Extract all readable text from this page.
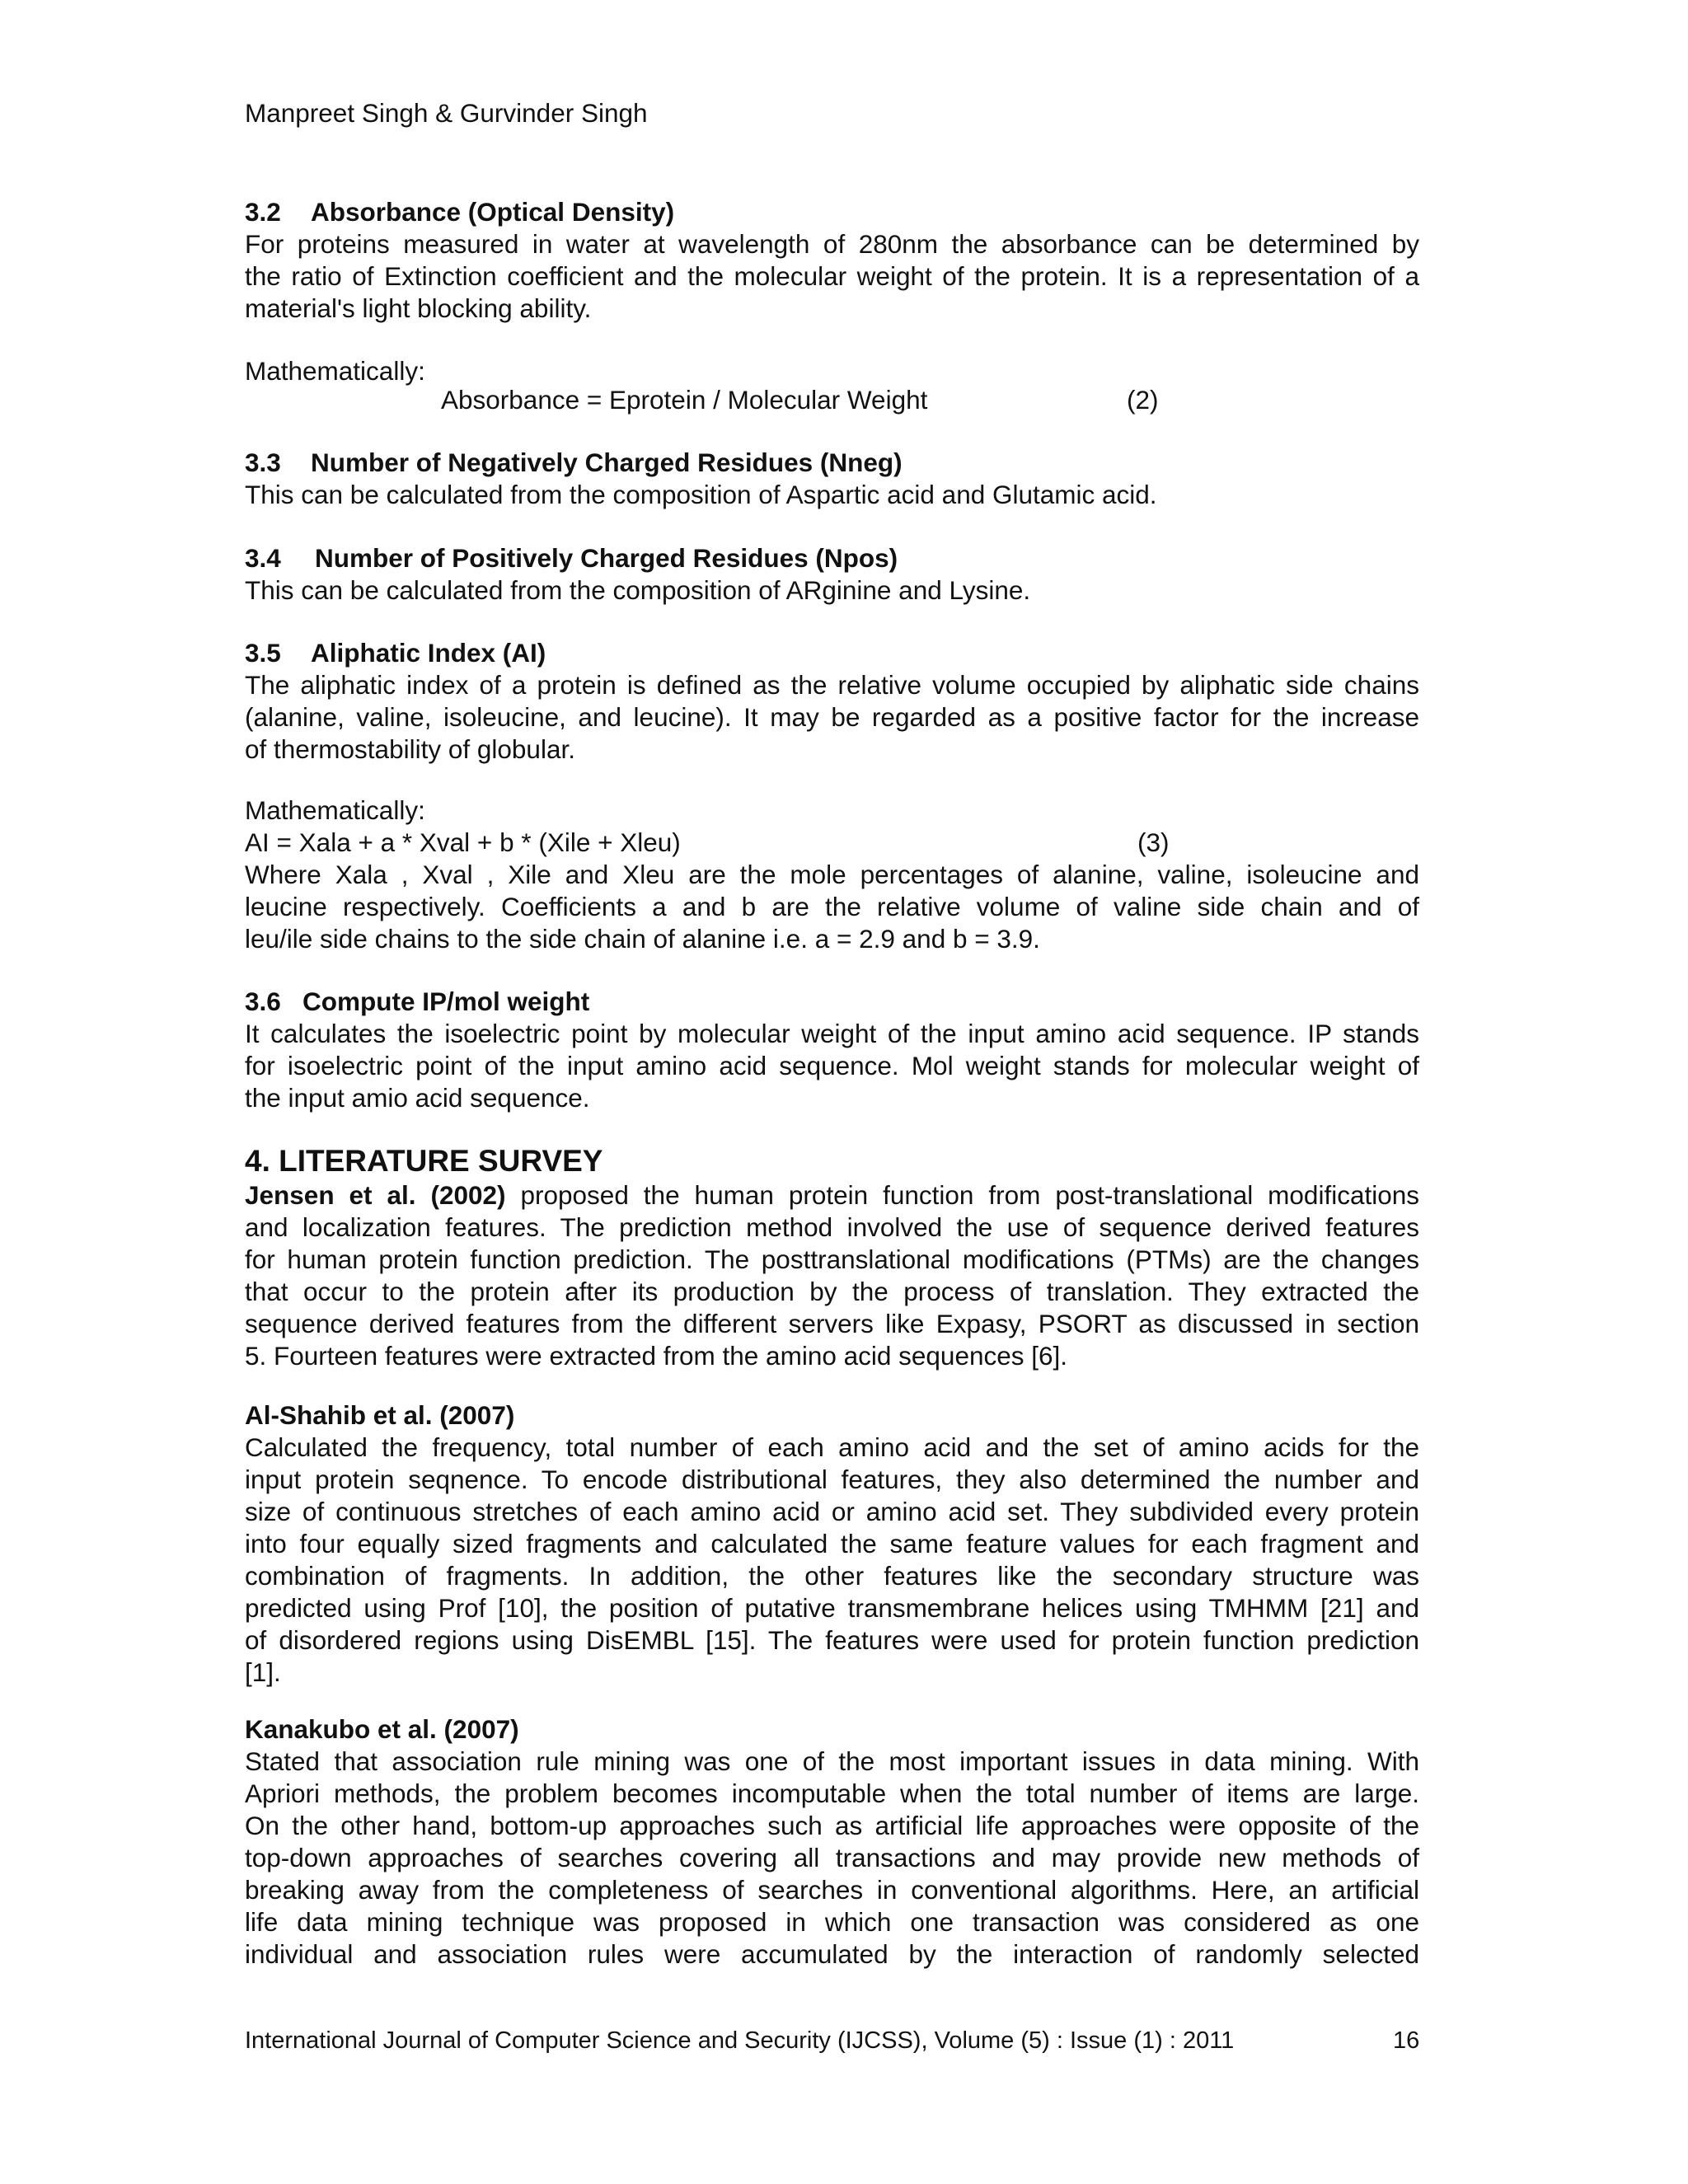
Manpreet Singh & Gurvinder Singh
3.2 Absorbance (Optical Density)
For proteins measured in water at wavelength of 280nm the absorbance can be determined by
the ratio of Extinction coefficient and the molecular weight of the protein. It is a representation of a
material's light blocking ability.
Mathematically:
Absorbance = Eprotein / Molecular Weight	(2)
3.3 Number of Negatively Charged Residues (Nneg)
This can be calculated from the composition of Aspartic acid and Glutamic acid.
3.4 Number of Positively Charged Residues (Npos)
This can be calculated from the composition of ARginine and Lysine.
3.5 Aliphatic Index (AI)
The aliphatic index of a protein is defined as the relative volume occupied by aliphatic side chains
(alanine, valine, isoleucine, and leucine). It may be regarded as a positive factor for the increase
of thermostability of globular.
Mathematically:
AI = Xala + a * Xval + b * (Xile + Xleu)	(3)
Where Xala , Xval , Xile and Xleu are the mole percentages of alanine, valine, isoleucine and
leucine respectively. Coefficients a and b are the relative volume of valine side chain and of
leu/ile side chains to the side chain of alanine i.e. a = 2.9 and b = 3.9.
3.6 Compute IP/mol weight
It calculates the isoelectric point by molecular weight of the input amino acid sequence. IP stands
for isoelectric point of the input amino acid sequence. Mol weight stands for molecular weight of
the input amio acid sequence.
4. LITERATURE SURVEY
Jensen et al. (2002) proposed the human protein function from post-translational modifications
and localization features. The prediction method involved the use of sequence derived features
for human protein function prediction. The posttranslational modifications (PTMs) are the changes
that occur to the protein after its production by the process of translation. They extracted the
sequence derived features from the different servers like Expasy, PSORT as discussed in section
5. Fourteen features were extracted from the amino acid sequences [6].
Al-Shahib et al. (2007)
Calculated the frequency, total number of each amino acid and the set of amino acids for the
input protein seqnence. To encode distributional features, they also determined the number and
size of continuous stretches of each amino acid or amino acid set. They subdivided every protein
into four equally sized fragments and calculated the same feature values for each fragment and
combination of fragments. In addition, the other features like the secondary structure was
predicted using Prof [10], the position of putative transmembrane helices using TMHMM [21] and
of disordered regions using DisEMBL [15]. The features were used for protein function prediction
[1].
Kanakubo et al. (2007)
Stated that association rule mining was one of the most important issues in data mining. With
Apriori methods, the problem becomes incomputable when the total number of items are large.
On the other hand, bottom-up approaches such as artificial life approaches were opposite of the
top-down approaches of searches covering all transactions and may provide new methods of
breaking away from the completeness of searches in conventional algorithms. Here, an artificial
life data mining technique was proposed in which one transaction was considered as one
individual and association rules were accumulated by the interaction of randomly selected
International Journal of Computer Science and Security (IJCSS), Volume (5) : Issue (1) : 2011	16
